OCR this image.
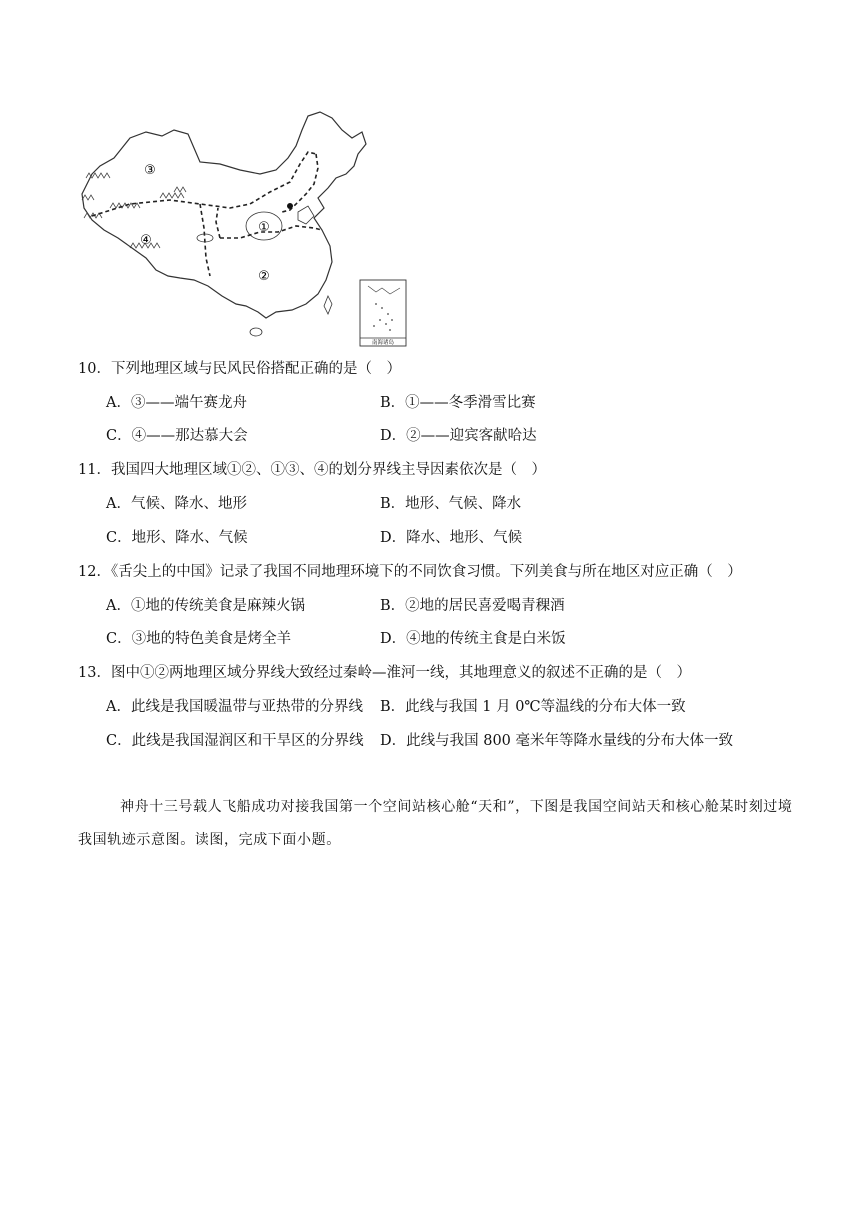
南海诸岛
③
④
①
②
10．下列地理区域与民风民俗搭配正确的是（　）
A．③——端午赛龙舟	B．①——冬季滑雪比赛
C．④——那达慕大会	D．②——迎宾客献哈达
11．我国四大地理区域①②、①③、④的划分界线主导因素依次是（　）
A．气候、降水、地形	B．地形、气候、降水
C．地形、降水、气候	D．降水、地形、气候
12．《舌尖上的中国》记录了我国不同地理环境下的不同饮食习惯。下列美食与所在地区对应正确（　）
A．①地的传统美食是麻辣火锅	B．②地的居民喜爱喝青稞酒
C．③地的特色美食是烤全羊	D．④地的传统主食是白米饭
13．图中①②两地理区域分界线大致经过秦岭—淮河一线，其地理意义的叙述不正确的是（　）
A．此线是我国暖温带与亚热带的分界线 B．此线与我国 1 月 0℃等温线的分布大体一致
C．此线是我国湿润区和干旱区的分界线 D．此线与我国 800 毫米年等降水量线的分布大体一致

神舟十三号载人飞船成功对接我国第一个空间站核心舱“天和”，下图是我国空间站天和核心舱某时刻过境我国轨迹示意图。读图，完成下面小题。
